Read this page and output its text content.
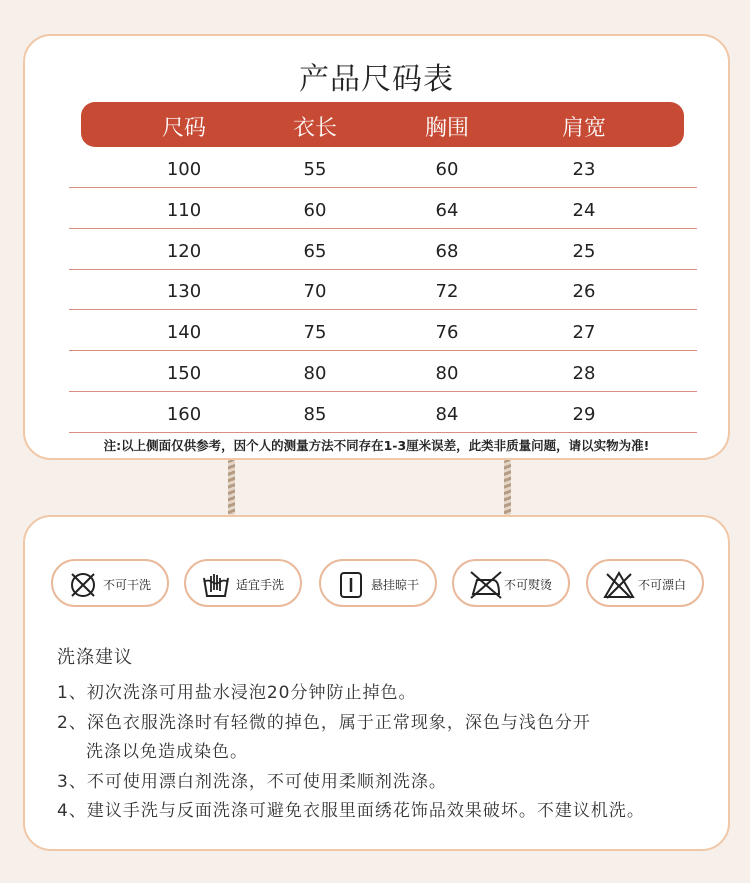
产品尺码表
尺码	衣长	胸围	肩宽
100	55	60	23
110	60	64	24
120	65	68	25
130	70	72	26
140	75	76	27
150	80	80	28
160	85	84	29
注:以上侧面仅供参考，因个人的测量方法不同存在1-3厘米误差，此类非质量问题，请以实物为准!
不可干洗	适宜手洗	悬挂晾干	不可熨烫	不可漂白
洗涤建议
1、初次洗涤可用盐水浸泡20分钟防止掉色。
2、深色衣服洗涤时有轻微的掉色，属于正常现象，深色与浅色分开
洗涤以免造成染色。
3、不可使用漂白剂洗涤，不可使用柔顺剂洗涤。
4、建议手洗与反面洗涤可避免衣服里面绣花饰品效果破坏。不建议机洗。
